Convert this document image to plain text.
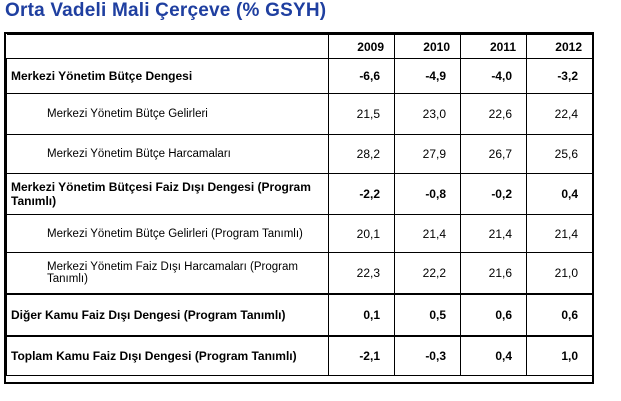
Orta Vadeli Mali Çerçeve (% GSYH)
	2009	2010	2011	2012
Merkezi Yönetim Bütçe Dengesi	-6,6	-4,9	-4,0	-3,2
Merkezi Yönetim Bütçe Gelirleri	21,5	23,0	22,6	22,4
Merkezi Yönetim Bütçe Harcamaları	28,2	27,9	26,7	25,6
Merkezi Yönetim Bütçesi Faiz Dışı Dengesi (Program Tanımlı)	-2,2	-0,8	-0,2	0,4
Merkezi Yönetim Bütçe Gelirleri (Program Tanımlı)	20,1	21,4	21,4	21,4
Merkezi Yönetim Faiz Dışı Harcamaları (Program Tanımlı)	22,3	22,2	21,6	21,0
Diğer Kamu Faiz Dışı Dengesi (Program Tanımlı)	0,1	0,5	0,6	0,6
Toplam Kamu Faiz Dışı Dengesi (Program Tanımlı)	-2,1	-0,3	0,4	1,0
